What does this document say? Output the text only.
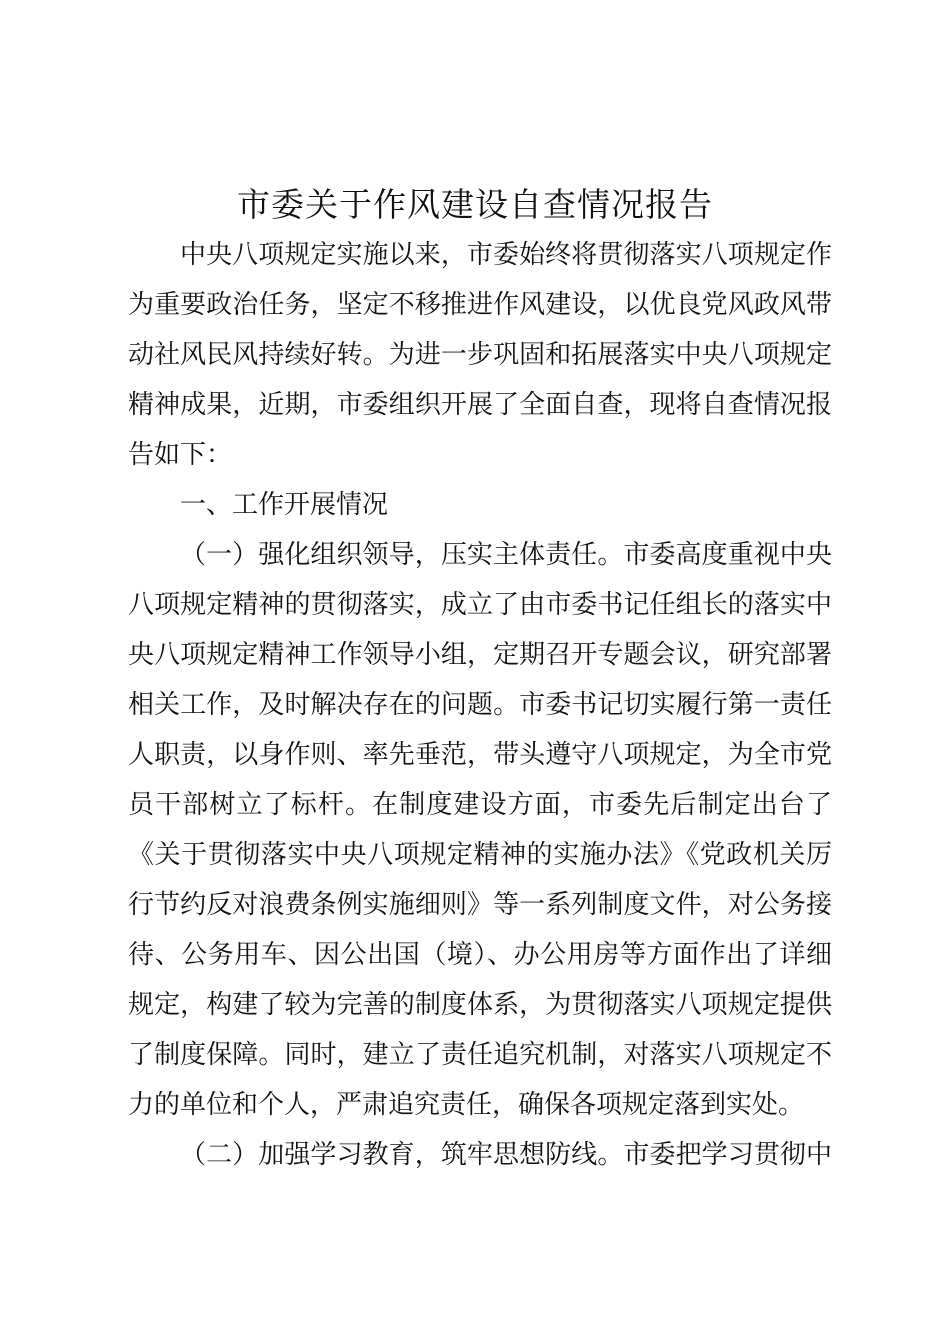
市委关于作风建设自查情况报告
中央八项规定实施以来，市委始终将贯彻落实八项规定作
为重要政治任务，坚定不移推进作风建设，以优良党风政风带
动社风民风持续好转。为进一步巩固和拓展落实中央八项规定
精神成果，近期，市委组织开展了全面自查，现将自查情况报
告如下：
一、工作开展情况
（一）强化组织领导，压实主体责任。市委高度重视中央
八项规定精神的贯彻落实，成立了由市委书记任组长的落实中
央八项规定精神工作领导小组，定期召开专题会议，研究部署
相关工作，及时解决存在的问题。市委书记切实履行第一责任
人职责，以身作则、率先垂范，带头遵守八项规定，为全市党
员干部树立了标杆。在制度建设方面，市委先后制定出台了
《关于贯彻落实中央八项规定精神的实施办法》《党政机关厉
行节约反对浪费条例实施细则》等一系列制度文件，对公务接
待、公务用车、因公出国（境）、办公用房等方面作出了详细
规定，构建了较为完善的制度体系，为贯彻落实八项规定提供
了制度保障。同时，建立了责任追究机制，对落实八项规定不
力的单位和个人，严肃追究责任，确保各项规定落到实处。
（二）加强学习教育，筑牢思想防线。市委把学习贯彻中
